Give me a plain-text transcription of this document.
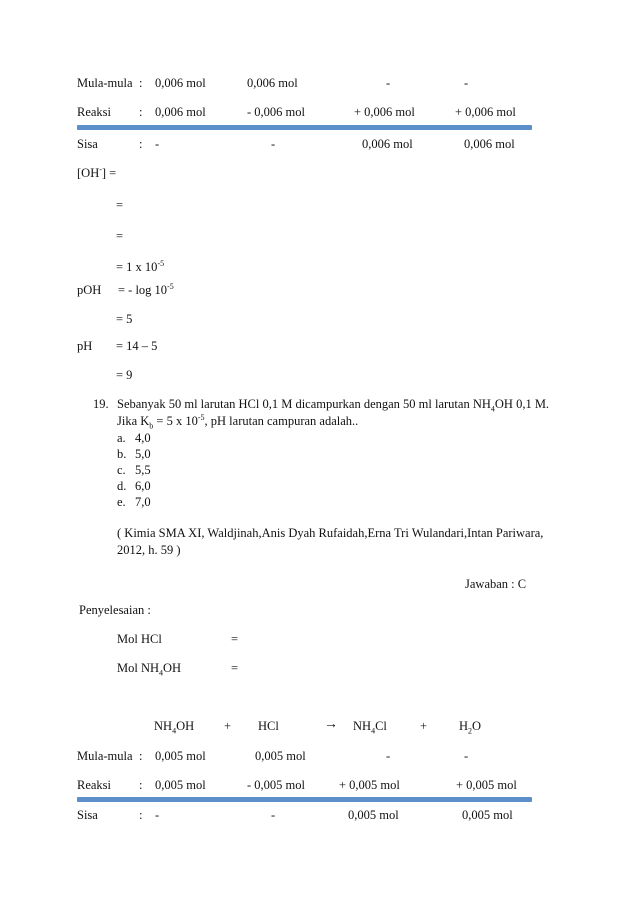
Mula-mula : 0,006 mol	0,006 mol	-	-
Reaksi : 0,006 mol	- 0,006 mol	+ 0,006 mol	+ 0,006 mol
Sisa	: -	-	0,006 mol	0,006 mol
[OH-] =
=
=
= 1 x $10^{-5}$
pOH = - $\log 10^{-5}$
= 5
pH = 14 – 5
= 9
19. Sebanyak 50 ml larutan HCl 0,1 M dicampurkan dengan 50 ml larutan $NH_4OH$ 0,1 M.
Jika $K_b = 5$ x $10^{-5}$, pH larutan campuran adalah..
a. 4,0
b. 5,0
c. 5,5
d. 6,0
e. 7,0
( Kimia SMA XI, Waldjinah,Anis Dyah Rufaidah,Erna Tri Wulandari,Intan Pariwara,
2012, h. 59 )
Jawaban : C
Penyelesaian :
Mol HCl	=
Mol $NH_4OH$	=
$NH_4OH$ + HCl	→ $NH_4Cl$	+	$H_2O$
Mula-mula : 0,005 mol	0,005 mol	-	-
Reaksi : 0,005 mol	- 0,005 mol	+ 0,005 mol	+ 0,005 mol
Sisa	: -	-	0,005 mol	0,005 mol
